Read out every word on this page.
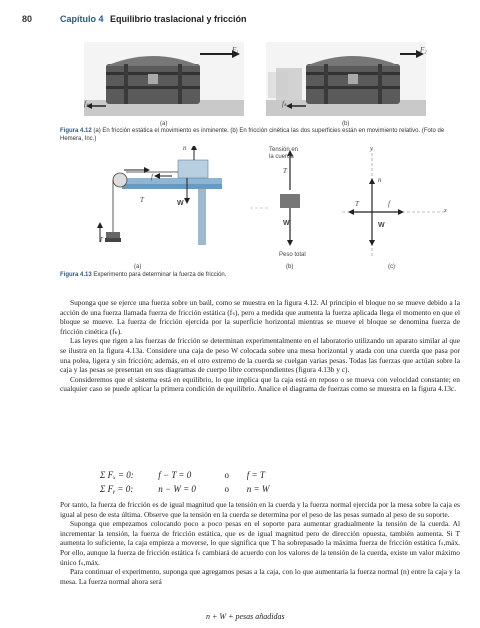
80	Capítulo 4 Equilibrio traslacional y fricción
F₁
fₛ
F₂
fₖ
(a)	(b)
Figura 4.12 (a) En fricción estática el movimiento es inminente. (b) En fricción cinética las dos superficies están en movimiento relativo. (Foto de Hemera, Inc.)
n
f
T	W
T
Tensión en
la cuerda
T
W
Peso total
y
x
n
T	f
W
(a)	(b)	(c)
Figura 4.13 Experimento para determinar la fuerza de fricción.

Suponga que se ejerce una fuerza sobre un baúl, como se muestra en la figura 4.12. Al principio el bloque no se mueve debido a la acción de una fuerza llamada fuerza de fricción estática (fₛ), pero a medida que aumenta la fuerza aplicada llega el momento en que el bloque se mueve. La fuerza de fricción ejercida por la superficie horizontal mientras se mueve el bloque se denomina fuerza de fricción cinética (fₖ).

Las leyes que rigen a las fuerzas de fricción se determinan experimentalmente en el laboratorio utilizando un aparato similar al que se ilustra en la figura 4.13a. Considere una caja de peso W colocada sobre una mesa horizontal y atada con una cuerda que pasa por una polea, ligera y sin fricción; además, en el otro extremo de la cuerda se cuelgan varias pesas. Todas las fuerzas que actúan sobre la caja y las pesas se presentan en sus diagramas de cuerpo libre correspondientes (figura 4.13b y c).

Consideremos que el sistema está en equilibrio, lo que implica que la caja está en reposo o se mueva con velocidad constante; en cualquier caso se puede aplicar la primera condición de equilibrio. Analice el diagrama de fuerzas como se muestra en la figura 4.13c.

Σ Fₓ = 0:	f − T = 0	o f = T
Σ Fᵧ = 0:	n − W = 0	o n = W

Por tanto, la fuerza de fricción es de igual magnitud que la tensión en la cuerda y la fuerza normal ejercida por la mesa sobre la caja es igual al peso de esta última. Observe que la tensión en la cuerda se determina por el peso de las pesas sumado al peso de su soporte.

Suponga que empezamos colocando poco a poco pesas en el soporte para aumentar gradualmente la tensión de la cuerda. Al incrementar la tensión, la fuerza de fricción estática, que es de igual magnitud pero de dirección opuesta, también aumenta. Si T aumenta lo suficiente, la caja empieza a moverse, lo que significa que T ha sobrepasado la máxima fuerza de fricción estática fₛ,máx. Por ello, aunque la fuerza de fricción estática fₛ cambiará de acuerdo con los valores de la tensión de la cuerda, existe un valor máximo único fₛ,máx.

Para continuar el experimento, suponga que agregamos pesas a la caja, con lo que aumentaría la fuerza normal (n) entre la caja y la mesa. La fuerza normal ahora será

n + W + pesas añadidas
